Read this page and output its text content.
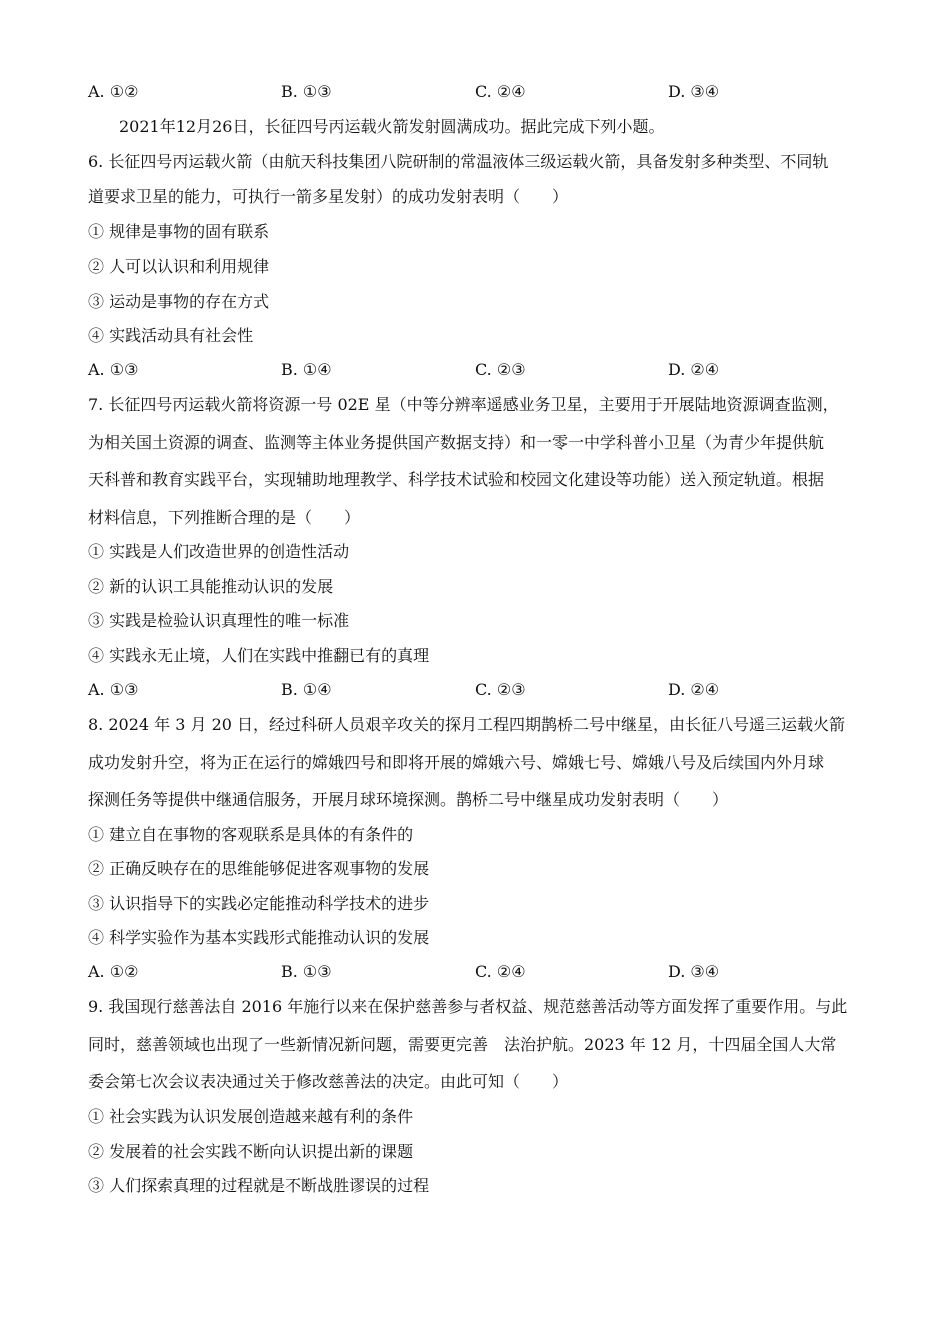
A. ①②	B. ①③	C. ②④	D. ③④
2021年12月26日，长征四号丙运载火箭发射圆满成功。据此完成下列小题。
6. 长征四号丙运载火箭（由航天科技集团八院研制的常温液体三级运载火箭，具备发射多种类型、不同轨
道要求卫星的能力，可执行一箭多星发射）的成功发射表明（　　）
① 规律是事物的固有联系
② 人可以认识和利用规律
③ 运动是事物的存在方式
④ 实践活动具有社会性
A. ①③	B. ①④	C. ②③	D. ②④
7. 长征四号丙运载火箭将资源一号 02E 星（中等分辨率遥感业务卫星，主要用于开展陆地资源调查监测，
为相关国土资源的调查、监测等主体业务提供国产数据支持）和一零一中学科普小卫星（为青少年提供航
天科普和教育实践平台，实现辅助地理教学、科学技术试验和校园文化建设等功能）送入预定轨道。根据
材料信息，下列推断合理的是（　　）
① 实践是人们改造世界的创造性活动
② 新的认识工具能推动认识的发展
③ 实践是检验认识真理性的唯一标准
④ 实践永无止境，人们在实践中推翻已有的真理
A. ①③	B. ①④	C. ②③	D. ②④
8. 2024 年 3 月 20 日，经过科研人员艰辛攻关的探月工程四期鹊桥二号中继星，由长征八号遥三运载火箭
成功发射升空，将为正在运行的嫦娥四号和即将开展的嫦娥六号、嫦娥七号、嫦娥八号及后续国内外月球
探测任务等提供中继通信服务，开展月球环境探测。鹊桥二号中继星成功发射表明（　　）
① 建立自在事物的客观联系是具体的有条件的
② 正确反映存在的思维能够促进客观事物的发展
③ 认识指导下的实践必定能推动科学技术的进步
④ 科学实验作为基本实践形式能推动认识的发展
A. ①②	B. ①③	C. ②④	D. ③④
9. 我国现行慈善法自 2016 年施行以来在保护慈善参与者权益、规范慈善活动等方面发挥了重要作用。与此
同时，慈善领域也出现了一些新情况新问题，需要更完善　法治护航。2023 年 12 月，十四届全国人大常
委会第七次会议表决通过关于修改慈善法的决定。由此可知（　　）
① 社会实践为认识发展创造越来越有利的条件
② 发展着的社会实践不断向认识提出新的课题
③ 人们探索真理的过程就是不断战胜谬误的过程
